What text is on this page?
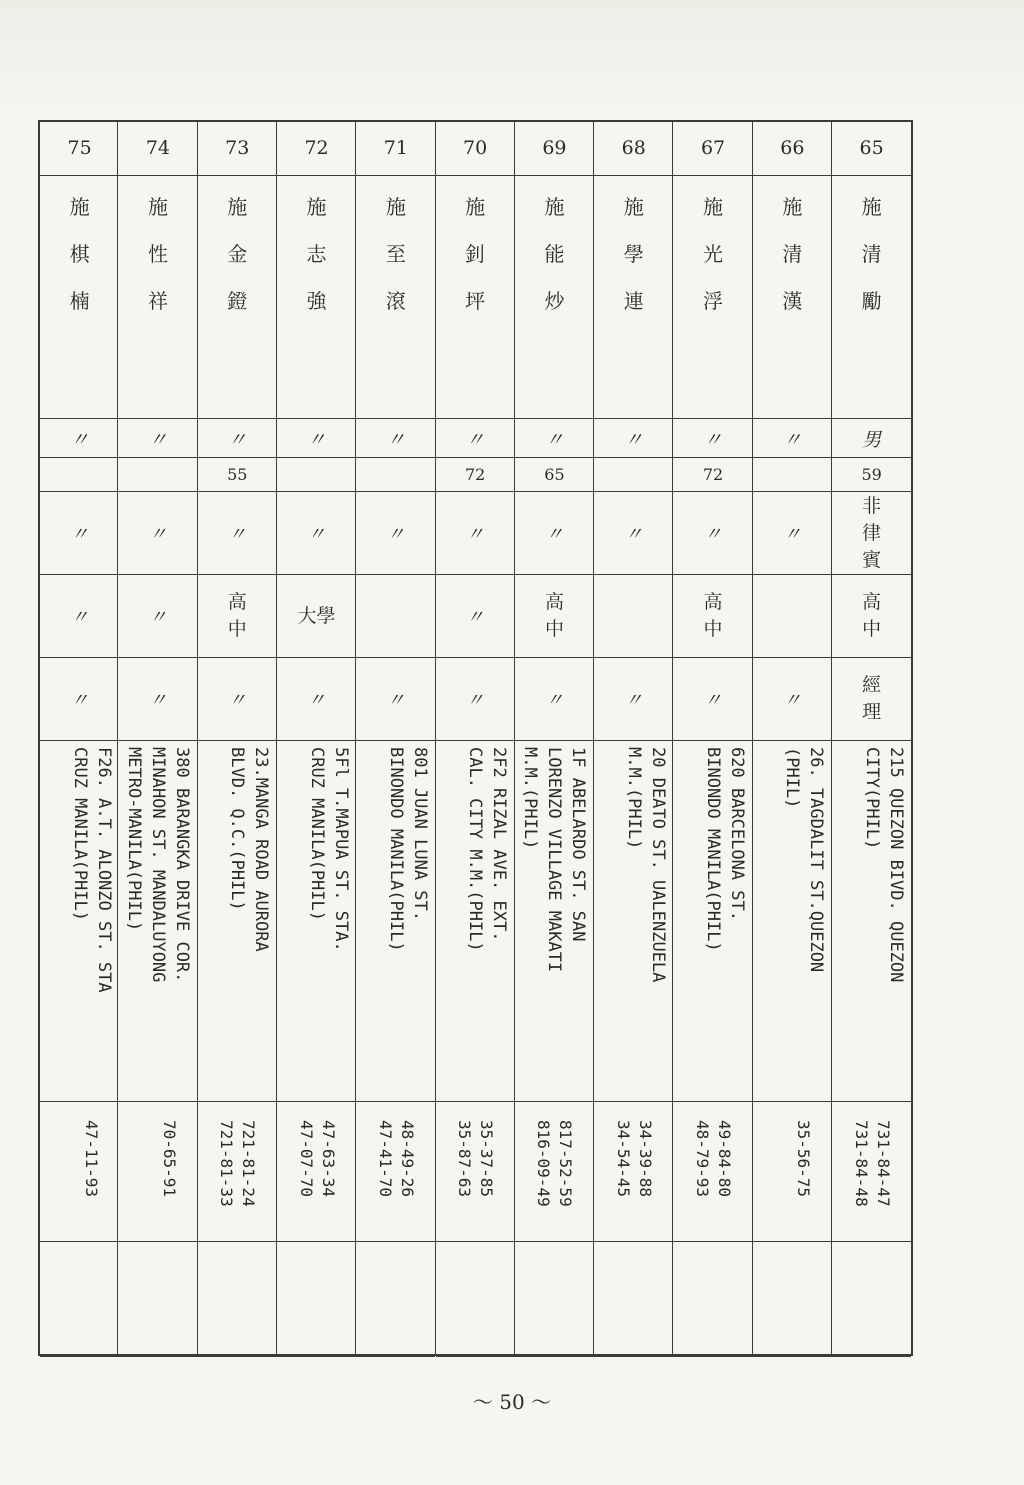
65
施
清
勵
男
59
非
律
賓
高
中
經
理
215 QUEZON BIVD. QUEZON
CITY(PHIL)
731-84-47
731-84-48
66
施
清
漢
〃
〃
〃
26. TAGDALIT ST.QUEZON
(PHIL)
35-56-75
67
施
光
浮
〃
72
〃
高
中
〃
620 BARCELONA ST.
BINONDO MANILA(PHIL)
49-84-80
48-79-93
68
施
學
連
〃
〃
〃
20 DEATO ST. UALENZUELA
M.M.(PHIL)
34-39-88
34-54-45
69
施
能
炒
〃
65
〃
高
中
〃
1F ABELARDO ST. SAN
LORENZO VILLAGE MAKATI
M.M.(PHIL)
817-52-59
816-09-49
70
施
釗
坪
〃
72
〃
〃
〃
2F2 RIZAL AVE. EXT.
CAL. CITY M.M.(PHIL)
35-37-85
35-87-63
71
施
至
滾
〃
〃
〃
801 JUAN LUNA ST.
BINONDO MANILA(PHIL)
48-49-26
47-41-70
72
施
志
強
〃
〃
大學
〃
5Fl T.MAPUA ST. STA.
CRUZ MANILA(PHIL)
47-63-34
47-07-70
73
施
金
鐙
〃
55
〃
高
中
〃
23.MANGA ROAD AURORA
BLVD. Q.C.(PHIL)
721-81-24
721-81-33
74
施
性
祥
〃
〃
〃
〃
380 BARANGKA DRIVE COR.
MINAHON ST. MANDALUYONG
METRO-MANILA(PHIL)
70-65-91
75
施
棋
楠
〃
〃
〃
〃
F26. A.T. ALONZO ST. STA
CRUZ MANILA(PHIL)
47-11-93
～ 50 ～
